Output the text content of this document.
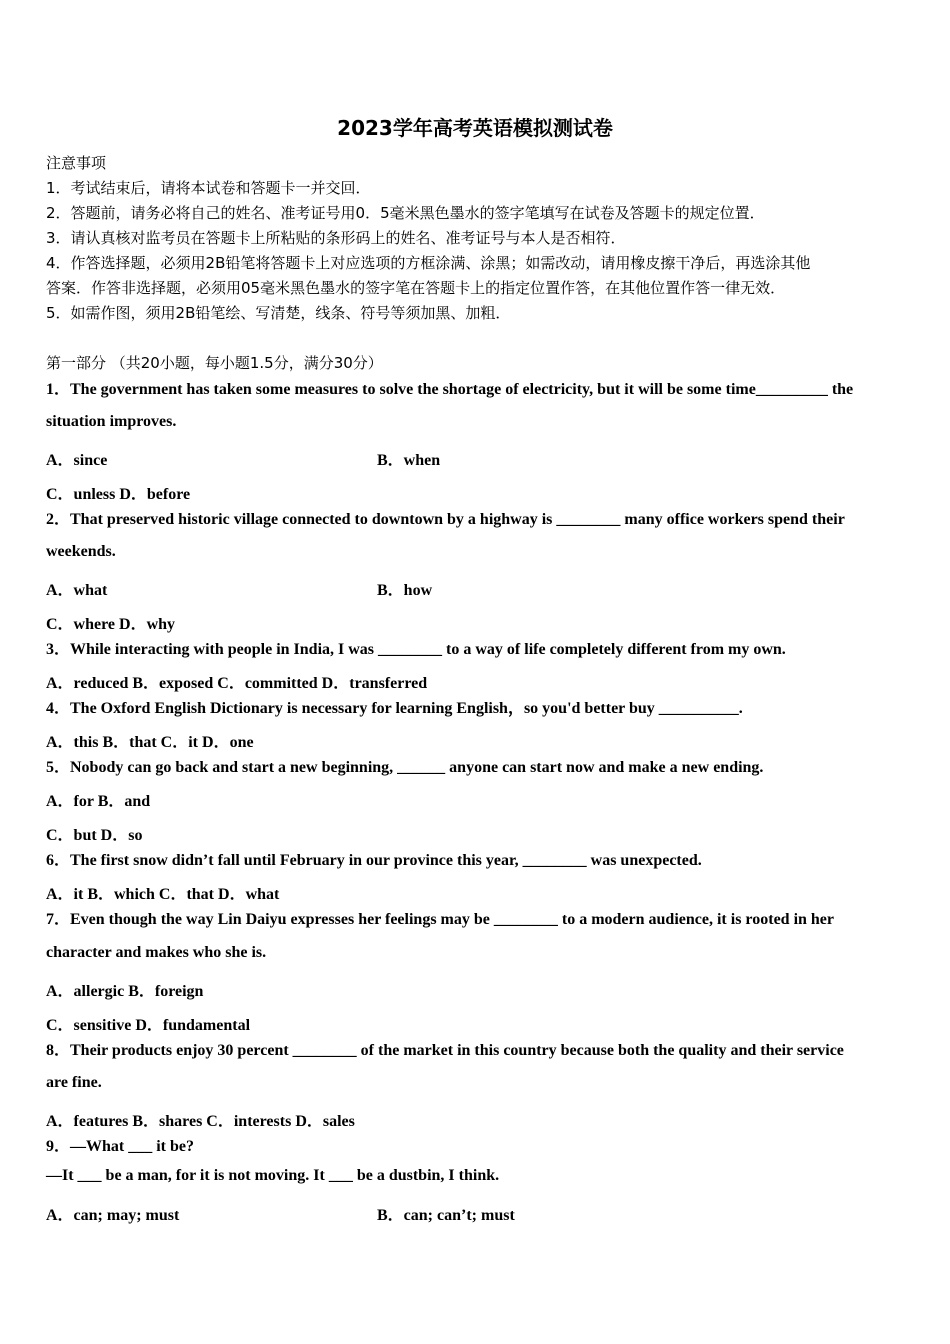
2023学年高考英语模拟测试卷
注意事项
1．考试结束后，请将本试卷和答题卡一并交回．
2．答题前，请务必将自己的姓名、准考证号用0．5毫米黑色墨水的签字笔填写在试卷及答题卡的规定位置．
3．请认真核对监考员在答题卡上所粘贴的条形码上的姓名、准考证号与本人是否相符．
4．作答选择题，必须用2B铅笔将答题卡上对应选项的方框涂满、涂黑；如需改动，请用橡皮擦干净后，再选涂其他
答案．作答非选择题，必须用05毫米黑色墨水的签字笔在答题卡上的指定位置作答，在其他位置作答一律无效．
5．如需作图，须用2B铅笔绘、写清楚，线条、符号等须加黑、加粗．
第一部分 （共20小题，每小题1.5分，满分30分）
1．The government has taken some measures to solve the shortage of electricity, but it will be some time_________ the
situation improves.
A．since	B．when
C．unless D．before
2．That preserved historic village connected to downtown by a highway is ________ many office workers spend their
weekends.
A．what	B．how
C．where D．why
3．While interacting with people in India, I was ________ to a way of life completely different from my own.
A．reduced B．exposed C．committed D．transferred
4．The Oxford English Dictionary is necessary for learning English，so you'd better buy __________.
A．this B．that C．it D．one
5．Nobody can go back and start a new beginning, ______ anyone can start now and make a new ending.
A．for B．and
C．but D．so
6．The first snow didn’t fall until February in our province this year, ________ was unexpected.
A．it B．which C．that D．what
7．Even though the way Lin Daiyu expresses her feelings may be ________ to a modern audience, it is rooted in her
character and makes who she is.
A．allergic B．foreign
C．sensitive D．fundamental
8．Their products enjoy 30 percent ________ of the market in this country because both the quality and their service
are fine.
A．features B．shares C．interests D．sales
9．—What ___ it be?
—It ___ be a man, for it is not moving. It ___ be a dustbin, I think.
A．can; may; must	B．can; can’t; must
